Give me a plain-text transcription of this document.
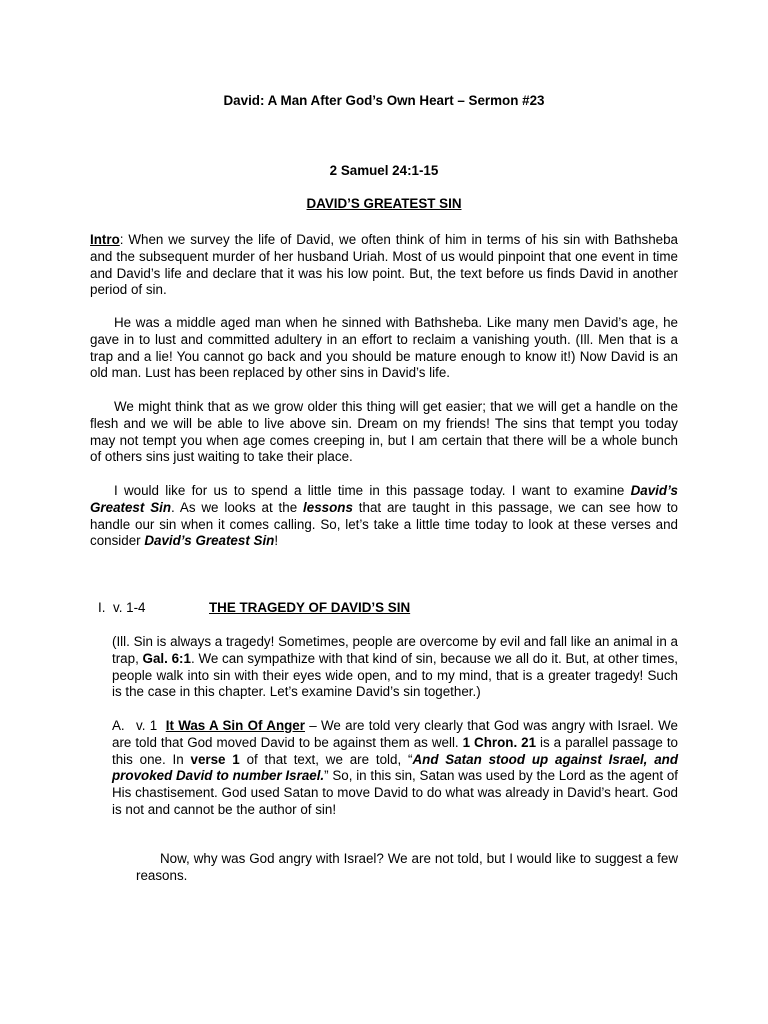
David: A Man After God’s Own Heart – Sermon #23
2 Samuel 24:1-15
DAVID’S GREATEST SIN
Intro: When we survey the life of David, we often think of him in terms of his sin with Bathsheba and the subsequent murder of her husband Uriah. Most of us would pinpoint that one event in time and David’s life and declare that it was his low point. But, the text before us finds David in another period of sin.
He was a middle aged man when he sinned with Bathsheba. Like many men David’s age, he gave in to lust and committed adultery in an effort to reclaim a vanishing youth. (Ill. Men that is a trap and a lie! You cannot go back and you should be mature enough to know it!) Now David is an old man. Lust has been replaced by other sins in David’s life.
We might think that as we grow older this thing will get easier; that we will get a handle on the flesh and we will be able to live above sin. Dream on my friends! The sins that tempt you today may not tempt you when age comes creeping in, but I am certain that there will be a whole bunch of others sins just waiting to take their place.
I would like for us to spend a little time in this passage today. I want to examine David’s Greatest Sin. As we looks at the lessons that are taught in this passage, we can see how to handle our sin when it comes calling. So, let’s take a little time today to look at these verses and consider David’s Greatest Sin!
I. v. 1-4	THE TRAGEDY OF DAVID’S SIN
(Ill. Sin is always a tragedy! Sometimes, people are overcome by evil and fall like an animal in a trap, Gal. 6:1. We can sympathize with that kind of sin, because we all do it. But, at other times, people walk into sin with their eyes wide open, and to my mind, that is a greater tragedy! Such is the case in this chapter. Let’s examine David’s sin together.)
A. v. 1 It Was A Sin Of Anger – We are told very clearly that God was angry with Israel. We are told that God moved David to be against them as well. 1 Chron. 21 is a parallel passage to this one. In verse 1 of that text, we are told, “And Satan stood up against Israel, and provoked David to number Israel.” So, in this sin, Satan was used by the Lord as the agent of His chastisement. God used Satan to move David to do what was already in David’s heart. God is not and cannot be the author of sin!
Now, why was God angry with Israel? We are not told, but I would like to suggest a few reasons.
